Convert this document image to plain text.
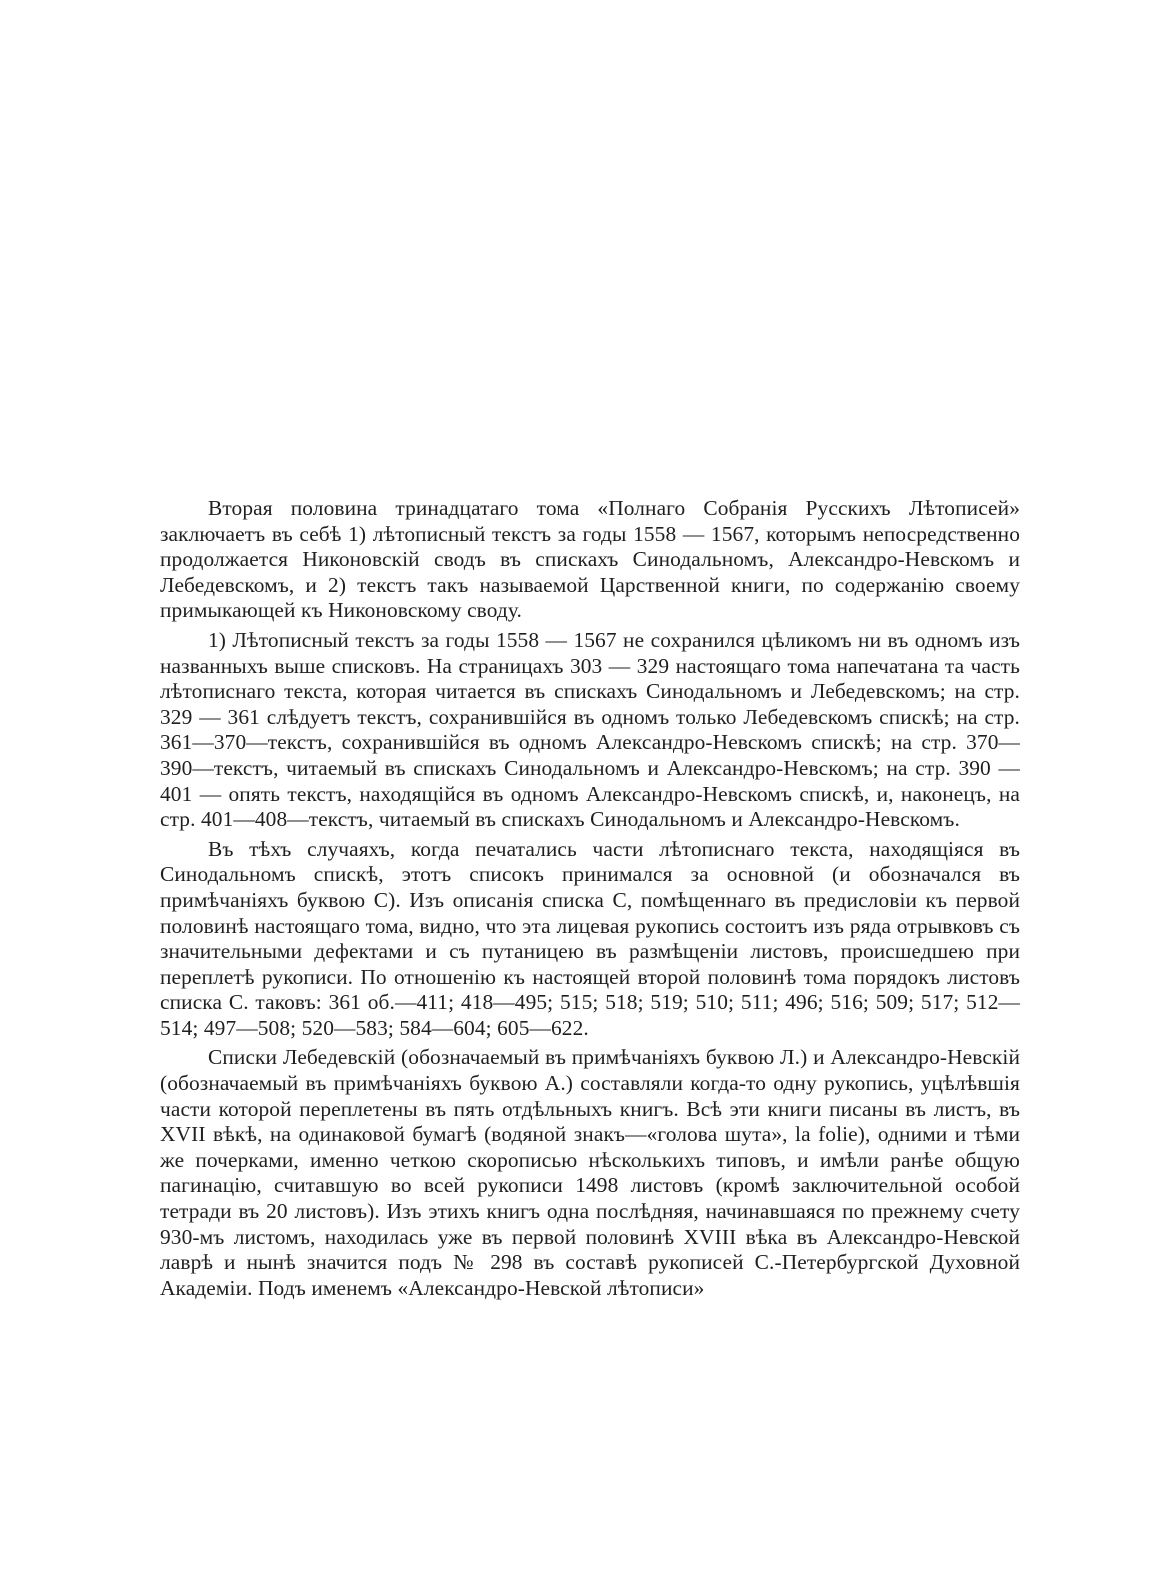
Вторая половина тринадцатаго тома «Полнаго Собранія Русскихъ Лѣтописей» заключаетъ въ себѣ 1) лѣтописный текстъ за годы 1558 — 1567, которымъ непосредственно продолжается Никоновскій сводъ въ спискахъ Синодальномъ, Александро-Невскомъ и Лебедевскомъ, и 2) текстъ такъ называемой Царственной книги, по содержанію своему примыкающей къ Никоновскому своду.

1) Лѣтописный текстъ за годы 1558 — 1567 не сохранился цѣликомъ ни въ одномъ изъ названныхъ выше списковъ. На страницахъ 303 — 329 настоящаго тома напечатана та часть лѣтописнаго текста, которая читается въ спискахъ Синодальномъ и Лебедевскомъ; на стр. 329 — 361 слѣдуетъ текстъ, сохранившійся въ одномъ только Лебедевскомъ спискѣ; на стр. 361—370—текстъ, сохранившійся въ одномъ Александро-Невскомъ спискѣ; на стр. 370—390—текстъ, читаемый въ спискахъ Синодальномъ и Александро-Невскомъ; на стр. 390 — 401 — опять текстъ, находящійся въ одномъ Александро-Невскомъ спискѣ, и, наконецъ, на стр. 401—408—текстъ, читаемый въ спискахъ Синодальномъ и Александро-Невскомъ.

Въ тѣхъ случаяхъ, когда печатались части лѣтописнаго текста, находящіяся въ Синодальномъ спискѣ, этотъ списокъ принимался за основной (и обозначался въ примѣчаніяхъ буквою С). Изъ описанія списка С, помѣщеннаго въ предисловіи къ первой половинѣ настоящаго тома, видно, что эта лицевая рукопись состоитъ изъ ряда отрывковъ съ значительными дефектами и съ путаницею въ размѣщеніи листовъ, происшедшею при переплетѣ рукописи. По отношенію къ настоящей второй половинѣ тома порядокъ листовъ списка С. таковъ: 361 об.—411; 418—495; 515; 518; 519; 510; 511; 496; 516; 509; 517; 512—514; 497—508; 520—583; 584—604; 605—622.

Списки Лебедевскій (обозначаемый въ примѣчаніяхъ буквою Л.) и Александро-Невскій (обозначаемый въ примѣчаніяхъ буквою А.) составляли когда-то одну рукопись, уцѣлѣвшія части которой переплетены въ пять отдѣльныхъ книгъ. Всѣ эти книги писаны въ листъ, въ XVII вѣкѣ, на одинаковой бумагѣ (водяной знакъ—«голова шута», la folie), одними и тѣми же почерками, именно четкою скорописью нѣсколькихъ типовъ, и имѣли ранѣе общую пагинацію, считавшую во всей рукописи 1498 листовъ (кромѣ заключительной особой тетради въ 20 листовъ). Изъ этихъ книгъ одна послѣдняя, начинавшаяся по прежнему счету 930-мъ листомъ, находилась уже въ первой половинѣ XVIII вѣка въ Александро-Невской лаврѣ и нынѣ значится подъ № 298 въ составѣ рукописей С.-Петербургской Духовной Академіи. Подъ именемъ «Александро-Невской лѣтописи»
